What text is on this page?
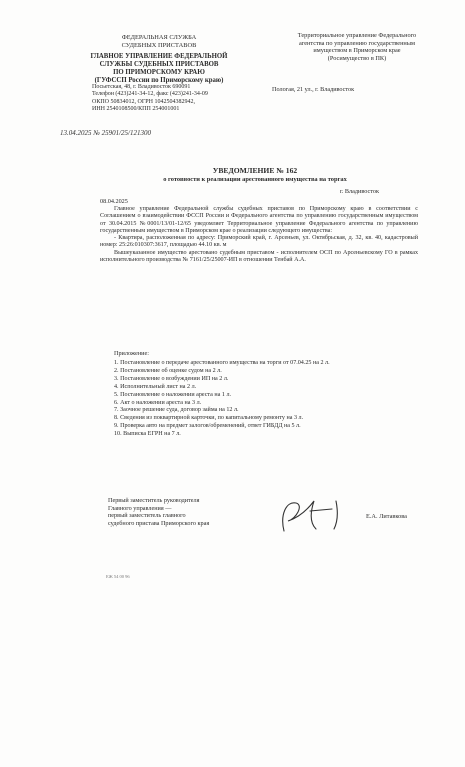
ФЕДЕРАЛЬНАЯ СЛУЖБА
СУДЕБНЫХ ПРИСТАВОВ
ГЛАВНОЕ УПРАВЛЕНИЕ ФЕДЕРАЛЬНОЙ
СЛУЖБЫ СУДЕБНЫХ ПРИСТАВОВ
ПО ПРИМОРСКОМУ КРАЮ
(ГУФССП России по Приморскому краю)
Посьетская, 48, г. Владивосток 690091
Телефон (423)241-34-12, факс (423)241-34-09
ОКПО 50834012, ОГРН 1042504382942,
ИНН 2540108500/КПП 254001001
Территориальное управление Федерального
агентства по управлению государственным
имуществом в Приморском крае
(Росимущество в ПК)
Пологая, 21 ул., г. Владивосток
13.04.2025 № 25901/25/121300
УВЕДОМЛЕНИЕ № 162
о готовности к реализации арестованного имущества на торгах
г. Владивосток
08.04.2025

Главное управление Федеральной службы судебных приставов по Приморскому краю в соответствии с Соглашением о взаимодействии ФССП России и Федерального агентства по управлению государственным имуществом от 30.04.2015 №0001/13/01-12/65 уведомляет Территориальное управление Федерального агентства по управлению государственным имуществом в Приморском крае о реализации следующего имущества:

- Квартира, расположенная по адресу: Приморский край, г. Арсеньев, ул. Октябрьская, д. 32, кв. 40, кадастровый номер: 25:26:010307:3617, площадью 44.10 кв. м

Вышеуказанное имущество арестовано судебным приставом - исполнителем ОСП по Арсеньевскому ГО в рамках исполнительного производства № 7161/25/25007-ИП в отношении Тенбай А.А.

Приложение:
1. Постановление о передаче арестованного имущества на торги от 07.04.25 на 2 л.
2. Постановление об оценке судом на 2 л.
3. Постановление о возбуждении ИП на 2 л.
4. Исполнительный лист на 2 л.
5. Постановление о наложении ареста на 1 л.
6. Акт о наложении ареста на 3 л.
7. Заочное решение суда, договор займа на 12 л.
8. Сведения из поквартирной карточки, по капитальному ремонту на 3 л.
9. Проверка авто на предмет залогов/обременений, ответ ГИБДД на 5 л.
10. Выписка ЕГРН на 7 л.
Первый заместитель руководителя
Главного управления —
первый заместитель главного
судебного пристава Приморского края
Е.А. Литавкова
ЕЖ 54 00 96
